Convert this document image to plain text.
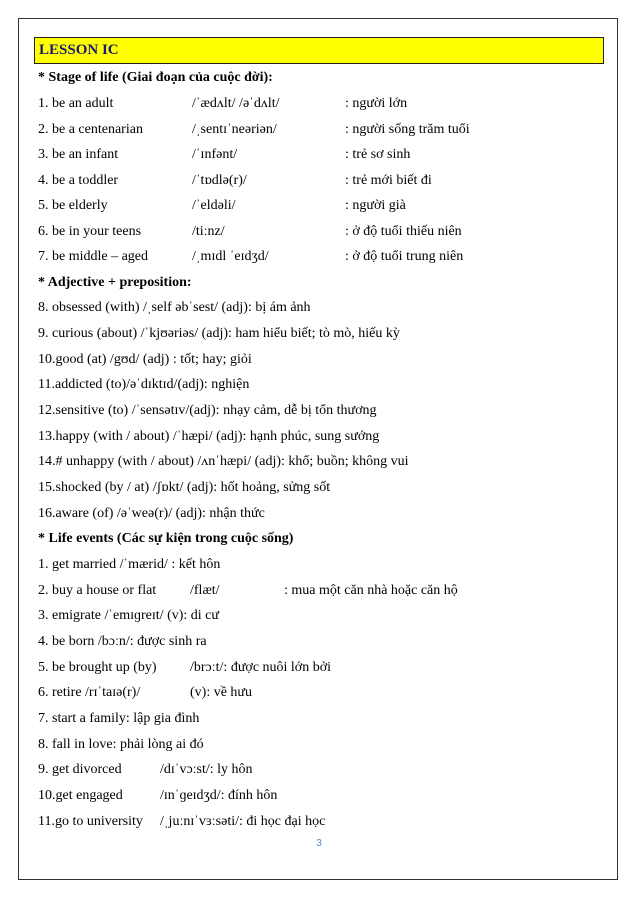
LESSON IC
* Stage of life (Giai đoạn của cuộc đời):
1. be an adult	/ˈædʌlt/ /əˈdʌlt/	: người lớn
2. be a centenarian	/ˌsentɪˈneəriən/	: người sống trăm tuổi
3. be an infant	/ˈɪnfənt/	: trẻ sơ sinh
4. be a toddler	/ˈtɒdlə(r)/	: trẻ mới biết đi
5. be elderly	/ˈeldəli/	: người già
6. be in your teens	/tiːnz/	: ở độ tuổi thiếu niên
7. be middle – aged	/ˌmɪdl ˈeɪdʒd/	: ở độ tuổi trung niên
* Adjective + preposition:
8. obsessed (with) /ˌself əbˈsest/ (adj): bị ám ảnh
9. curious (about) /ˈkjʊəriəs/ (adj): ham hiểu biết; tò mò, hiếu kỳ
10.good (at) /gʊd/ (adj) : tốt; hay; giỏi
11.addicted (to)/əˈdɪktɪd/(adj): nghiện
12.sensitive (to) /ˈsensətɪv/(adj): nhạy cảm, dễ bị tổn thương
13.happy (with / about) /ˈhæpi/ (adj): hạnh phúc, sung sướng
14.# unhappy (with / about) /ʌnˈhæpi/ (adj): khổ; buồn; không vui
15.shocked (by / at) /ʃɒkt/ (adj): hốt hoảng, sửng sốt
16.aware (of) /əˈweə(r)/ (adj): nhận thức
* Life events (Các sự kiện trong cuộc sống)
1. get married /ˈmærid/ : kết hôn
2. buy a house or flat /flæt/	: mua một căn nhà hoặc căn hộ
3. emigrate /ˈemɪɡreɪt/ (v): di cư
4. be born /bɔːn/: được sinh ra
5. be brought up (by) /brɔːt/: được nuôi lớn bởi
6. retire /rɪˈtaɪə(r)/	(v): về hưu
7. start a family: lập gia đình
8. fall in love: phải lòng ai đó
9. get divorced	/dɪˈvɔːst/: ly hôn
10.get engaged	/ɪnˈɡeɪdʒd/: đính hôn
11.go to university /ˌjuːnɪˈvɜːsəti/: đi học đại học
3
